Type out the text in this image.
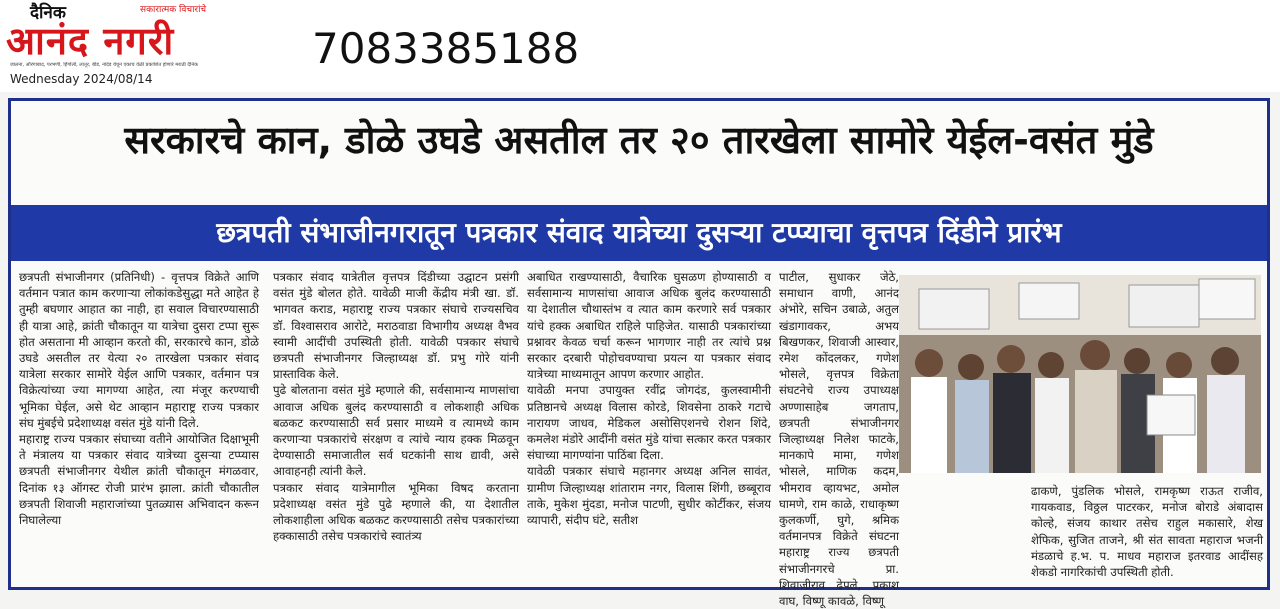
दैनिक	सकारात्मक विचारांचे
आनंद नगरी
जालना, औरंगाबाद, परभणी, हिंगोली, लातूर, बीड, नांदेड येथून एकाच वेळी प्रकाशित होणारे मराठी दैनिक
Wednesday 2024/08/14
7083385188
सरकारचे कान, डोळे उघडे असतील तर २० तारखेला सामोरे येईल-वसंत मुंडे
छत्रपती संभाजीनगरातून पत्रकार संवाद यात्रेच्या दुसऱ्या टप्प्याचा वृत्तपत्र दिंडीने प्रारंभ

छत्रपती संभाजीनगर (प्रतिनिधी) - वृत्तपत्र विक्रेते आणि वर्तमान पत्रात काम करणाऱ्या लोकांकडेसुद्धा मते आहेत हे तुम्ही बघणार आहात का नाही, हा सवाल विचारण्यासाठी ही यात्रा आहे, क्रांती चौकातून या यात्रेचा दुसरा टप्पा सुरू होत असताना मी आव्हान करतो की, सरकारचे कान, डोळे उघडे असतील तर येत्या २० तारखेला पत्रकार संवाद यात्रेला सरकार सामोरे येईल आणि पत्रकार, वर्तमान पत्र विक्रेत्यांच्या ज्या मागण्या आहेत, त्या मंजूर करण्याची भूमिका घेईल, असे थेट आव्हान महाराष्ट्र राज्य पत्रकार संघ मुंबईचे प्रदेशाध्यक्ष वसंत मुंडे यांनी दिले.

महाराष्ट्र राज्य पत्रकार संघाच्या वतीने आयोजित दिक्षाभूमी ते मंत्रालय या पत्रकार संवाद यात्रेच्या दुसऱ्या टप्प्यास छत्रपती संभाजीनगर येथील क्रांती चौकातून मंगळवार, दिनांक १३ ऑगस्ट रोजी प्रारंभ झाला. क्रांती चौकातील छत्रपती शिवाजी महाराजांच्या पुतळ्यास अभिवादन करून निघालेल्या

पत्रकार संवाद यात्रेतील वृत्तपत्र दिंडीच्या उद्घाटन प्रसंगी वसंत मुंडे बोलत होते. यावेळी माजी केंद्रीय मंत्री खा. डॉ. भागवत कराड, महाराष्ट्र राज्य पत्रकार संघाचे राज्यसचिव डॉ. विश्वासराव आरोटे, मराठवाडा विभागीय अध्यक्ष वैभव स्वामी आदींची उपस्थिती होती. यावेळी पत्रकार संघाचे छत्रपती संभाजीनगर जिल्हाध्यक्ष डॉ. प्रभु गोरे यांनी प्रास्ताविक केले.

पुढे बोलताना वसंत मुंडे म्हणाले की, सर्वसामान्य माणसांचा आवाज अधिक बुलंद करण्यासाठी व लोकशाही अधिक बळकट करण्यासाठी सर्व प्रसार माध्यमे व त्यामध्ये काम करणाऱ्या पत्रकारांचे संरक्षण व त्यांचे न्याय हक्क मिळवून देण्यासाठी समाजातील सर्व घटकांनी साथ द्यावी, असे आवाहनही त्यांनी केले.

पत्रकार संवाद यात्रेमागील भूमिका विषद करताना प्रदेशाध्यक्ष वसंत मुंडे पुढे म्हणाले की, या देशातील लोकशाहीला अधिक बळकट करण्यासाठी तसेच पत्रकारांच्या हक्कासाठी तसेच पत्रकारांचे स्वातंत्र्य

अबाधित राखण्यासाठी, वैचारिक घुसळण होण्यासाठी व सर्वसामान्य माणसांचा आवाज अधिक बुलंद करण्यासाठी या देशातील चौथास्तंभ व त्यात काम करणारे सर्व पत्रकार यांचे हक्क अबाधित राहिले पाहिजेत. यासाठी पत्रकारांच्या प्रश्नावर केवळ चर्चा करून भागणार नाही तर त्यांचे प्रश्न सरकार दरबारी पोहोचवण्याचा प्रयत्न या पत्रकार संवाद यात्रेच्या माध्यमातून आपण करणार आहोत.

यावेळी मनपा उपायुक्त रवींद्र जोगदंड, कुलस्वामीनी प्रतिष्ठानचे अध्यक्ष विलास कोरडे, शिवसेना ठाकरे गटाचे नारायण जाधव, मेडिकल असोसिएशनचे रोशन शिंदे, कमलेश मंडोरे आदींनी वसंत मुंडे यांचा सत्कार करत पत्रकार संघाच्या मागण्यांना पाठिंबा दिला.

यावेळी पत्रकार संघाचे महानगर अध्यक्ष अनिल सावंत, ग्रामीण जिल्हाध्यक्ष शांताराम नगर, विलास शिंगी, छब्बूराव ताके, मुकेश मुंदडा, मनोज पाटणी, सुधीर कोर्टीकर, संजय व्यापारी, संदीप घंटे, सतीश

पाटील, सुधाकर जेठे, समाधान वाणी, आनंद अंभोरे, सचिन उबाळे, अतुल खंडागावकर, अभय बिखणकर, शिवाजी आस्वार, रमेश कोंदलकर, गणेश भोसले, वृत्तपत्र विक्रेता संघटनेचे राज्य उपाध्यक्ष अण्णासाहेब जगताप, छत्रपती संभाजीनगर जिल्हाध्यक्ष निलेश फाटके, मानकापे मामा, गणेश भोसले, माणिक कदम, भीमराव व्हायभट, अमोल घामणे, राम काळे, राधाकृष्ण कुलकर्णी, घुगे, श्रमिक वर्तमानपत्र विक्रेते संघटना महाराष्ट्र राज्य छत्रपती संभाजीनगरचे प्रा. शिवाजीराव ढेपले, प्रकाश वाघ, विष्णू कावळे, विष्णू

ढाकणे, पुंडलिक भोसले, रामकृष्ण राऊत राजीव, गायकवाड, विठ्ठल पाटरकर, मनोज बोराडे अंबादास कोल्हे, संजय काथार तसेच राहुल मकासारे, शेख शेफिक, सुजित ताजने, श्री संत सावता महाराज भजनी मंडळाचे ह.भ. प. माधव महाराज इतरवाड आदींसह शेकडो नागरिकांची उपस्थिती होती.
